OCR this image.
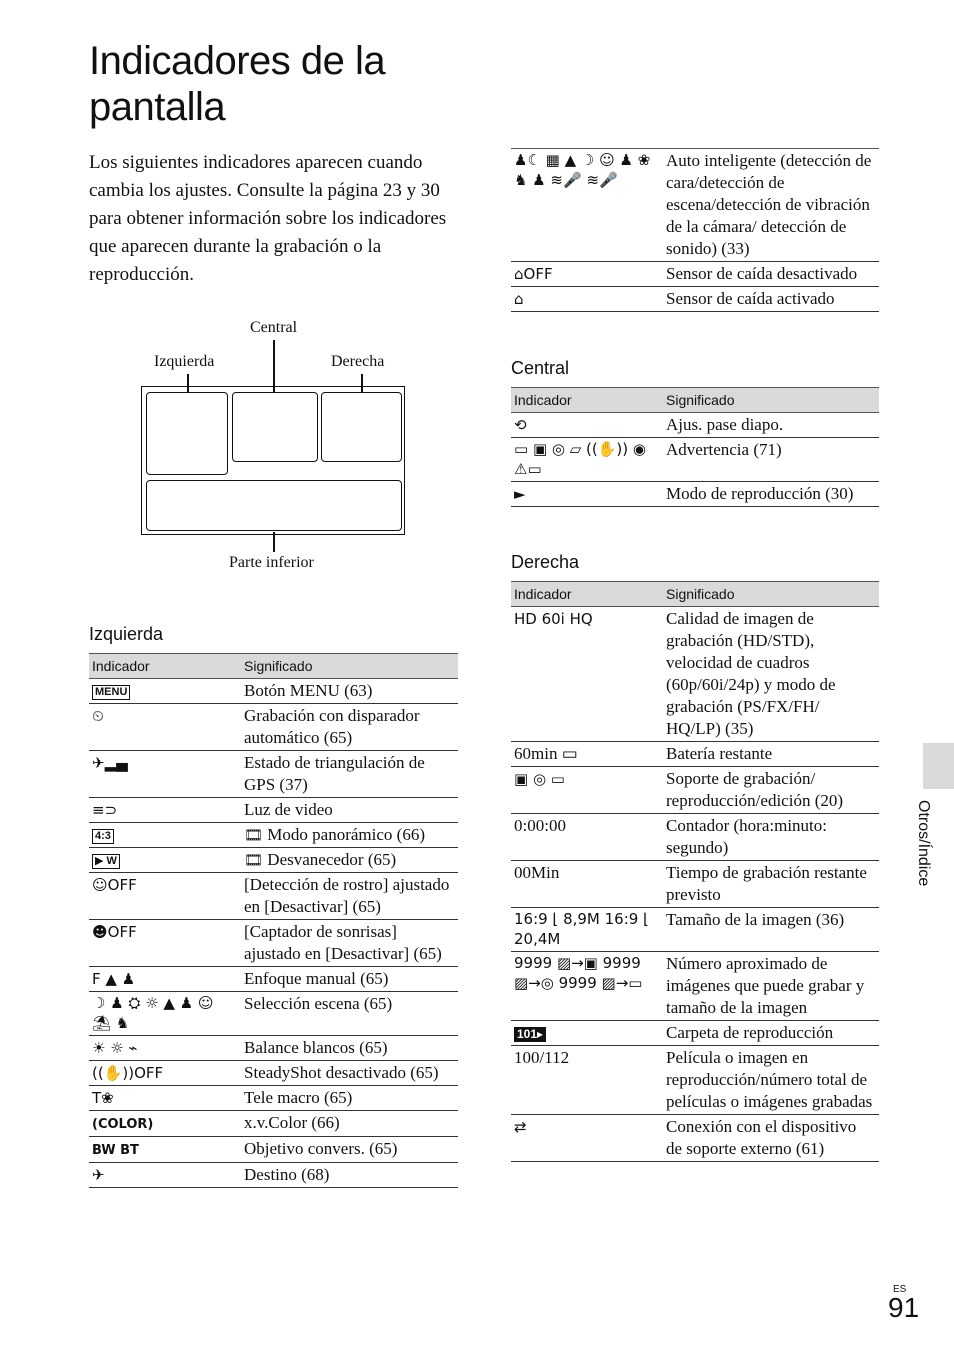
Indicadores de la pantalla

Los siguientes indicadores aparecen cuando cambia los ajustes. Consulte la página 23 y 30 para obtener información sobre los indicadores que aparecen durante la grabación o la reproducción.

Central
Izquierda	Derecha
Parte inferior
Izquierda
Indicador	Significado
MENU	Botón MENU (63)
⏲	Grabación con disparador automático (65)
✈▂▄	Estado de triangulación de GPS (37)
≡⊃	Luz de video
4:3	🎞 Modo panorámico (66)
▶ W	🎞 Desvanecedor (65)
☺OFF	[Detección de rostro] ajustado en [Desactivar] (65)
☻OFF	[Captador de sonrisas] ajustado en [Desactivar] (65)
F ▲ ♟	Enfoque manual (65)
☽ ♟ ⛭ ☼ ▲ ♟ ☺ ⛱ ♞	Selección escena (65)
☀ ☼ ⌁	Balance blancos (65)
((✋))OFF	SteadyShot desactivado (65)
T❀	Tele macro (65)
(COLOR)	x.v.Color (66)
BW BT	Objetivo convers. (65)
✈	Destino (68)
♟☾ ▦ ▲ ☽ ☺ ♟ ❀ ♞ ♟ ≋🎤 ≋🎤	Auto inteligente (detección de cara/detección de escena/detección de vibración de la cámara/ detección de sonido) (33)
⌂OFF	Sensor de caída desactivado
⌂	Sensor de caída activado
Central
Indicador	Significado
⟲	Ajus. pase diapo.
▭ ▣ ◎ ▱ ((✋)) ◉ ⚠▭	Advertencia (71)
►	Modo de reproducción (30)
Derecha
Indicador	Significado
HD 60i HQ	Calidad de imagen de grabación (HD/STD), velocidad de cuadros (60p/60i/24p) y modo de grabación (PS/FX/FH/ HQ/LP) (35)
60min ▭	Batería restante
▣ ◎ ▭	Soporte de grabación/ reproducción/edición (20)
0:00:00	Contador (hora:minuto: segundo)
00Min	Tiempo de grabación restante previsto
16:9 ⌊ 8,9M 16:9 ⌊ 20,4M	Tamaño de la imagen (36)
9999 ▨→▣ 9999 ▨→◎ 9999 ▨→▭	Número aproximado de imágenes que puede grabar y tamaño de la imagen
101▸	Carpeta de reproducción
100/112	Película o imagen en reproducción/número total de películas o imágenes grabadas
⇄	Conexión con el dispositivo de soporte externo (61)
Otros/Índice
ES
91
